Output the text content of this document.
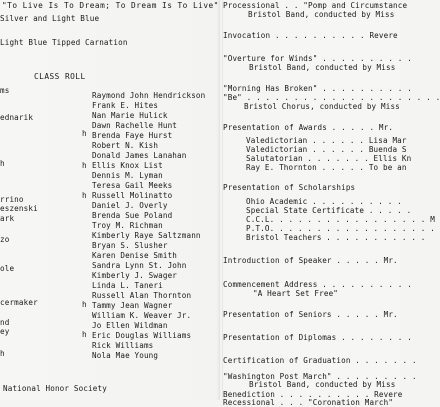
"To Live Is To Dream; To Dream Is To Live"
Silver and Light Blue
Light Blue Tipped Carnation
CLASS ROLL
ms
ednarik
h
rrino
eszenski
ark
zo
ole
cermaker
nd
ey
h
h
h
h
h
h
Raymond John Hendrickson
Frank E. Hites
Nan Marie Hulick
Dawn Rachelle Hunt
Brenda Faye Hurst
Robert N. Kish
Donald James Lanahan
Ellis Knox List
Dennis M. Lyman
Teresa Gail Meeks
Russell Molinatto
Daniel J. Overly
Brenda Sue Poland
Troy M. Richman
Kimberly Raye Saltzmann
Bryan S. Slusher
Karen Denise Smith
Sandra Lynn St. John
Kimberly J. Swager
Linda L. Taneri
Russell Alan Thornton
Tammy Jean Wagner
William K. Weaver Jr.
Jo Ellen Wildman
Eric Douglas Williams
Rick Williams
Nola Mae Young
National Honor Society
Processional . . "Pomp and Circumstance
Bristol Band, conducted by Miss
Invocation . . . . . . . . . . Revere
"Overture for Winds" . . . . . . . . . .
Bristol Band, conducted by Miss
"Morning Has Broken" . . . . . . . . . .
"Be" . . . . . . . . . . . . . . . . . . . . .
Bristol Chorus, conducted by Miss
Presentation of Awards . . . . . Mr.
Valedictorian . . . . . . Lisa Mar
Valedictorian . . . . . . Buenda S
Salutatorian . . . . . . . Ellis Kn
Ray E. Thornton . . . . . To be an
Presentation of Scholarships
Ohio Academic . . . . . . . . . .
Special State Certificate . . . . .
C.C.L. . . . . . . . . . . . . . . . . M
P.T.O. . . . . . . . . . . . . . . . . .
Bristol Teachers . . . . . . . . . . .
Introduction of Speaker . . . . . Mr.
Commencement Address . . . . . . . . . .
"A Heart Set Free"
Presentation of Seniors . . . . . Mr.
Presentation of Diplomas . . . . . . . .
Certification of Graduation . . . . . . .
"Washington Post March" . . . . . . . . .
Bristol Band, conducted by Miss
Benediction . . . . . . . . . . Revere
Recessional . . . "Coronation March"
